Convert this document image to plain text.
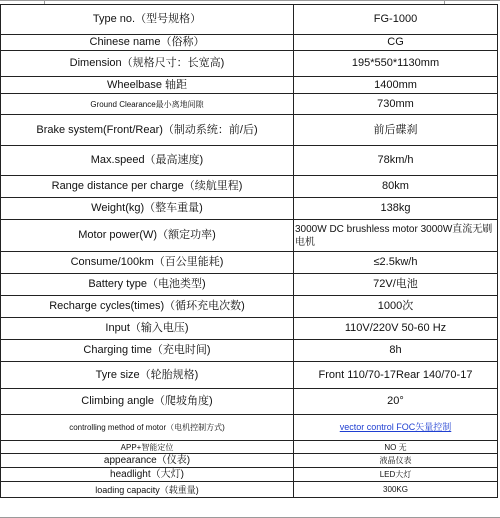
Type no.（型号规格）	FG-1000
Chinese name（俗称）	CG
Dimension（规格尺寸：长宽高)	195*550*1130mm
Wheelbase 轴距	1400mm
Ground Clearance最小离地间隙	730mm
Brake system(Front/Rear)（制动系统：前/后)	前后碟刹
Max.speed（最高速度)	78km/h
Range distance per charge（续航里程)	80km
Weight(kg)（整车重量)	138kg
Motor power(W)（额定功率)	3000W DC brushless motor 3000W直流无刷电机
Consume/100km（百公里能耗)	≤2.5kw/h
Battery type（电池类型)	72V/电池
Recharge cycles(times)（循环充电次数)	1000次
Input（输入电压)	110V/220V 50-60 Hz
Charging time（充电时间)	8h
Tyre size（轮胎规格)	Front 110/70-17Rear 140/70-17
Climbing angle（爬坡角度)	20°
controlling method of motor（电机控制方式)	vector control FOC矢量控制
APP+智能定位	NO 无
appearance（仪表)	液晶仪表
headlight（大灯)	LED大灯
loading capacity（载重量)	300KG
